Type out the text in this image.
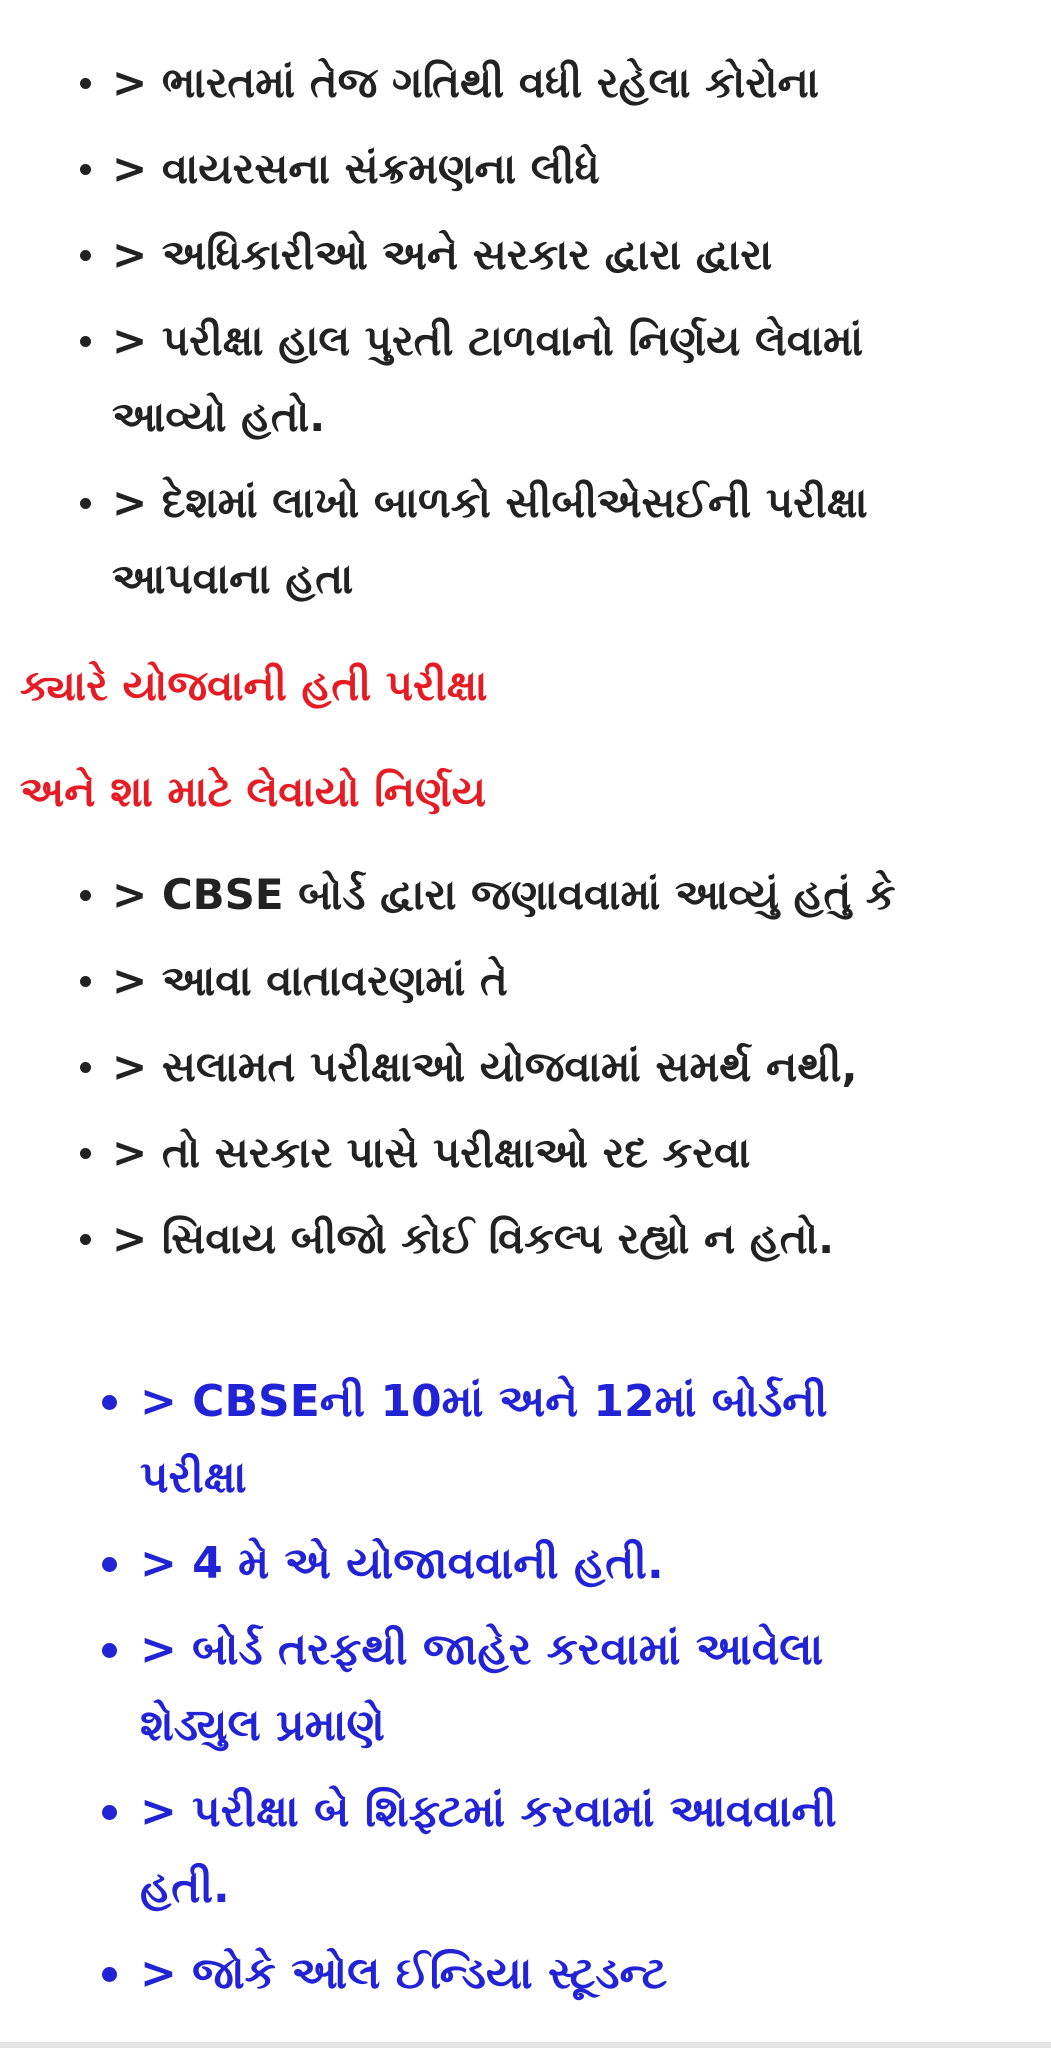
> ભારતમાં તેજ ગતિથી વધી રહેલા કોરોના
> વાયરસના સંક્રમણના લીધે
> અધિકારીઓ અને સરકાર દ્વારા દ્વારા
> પરીક્ષા હાલ પુરતી ટાળવાનો નિર્ણય લેવામાં આવ્યો હતો.
> દેશમાં લાખો બાળકો સીબીએસઈની પરીક્ષા આપવાના હતા
ક્યારે યોજવાની હતી પરીક્ષા
અને શા માટે લેવાયો નિર્ણય
> CBSE બોર્ડ દ્વારા જણાવવામાં આવ્યું હતું કે
> આવા વાતાવરણમાં તે
> સલામત પરીક્ષાઓ યોજવામાં સમર્થ નથી,
> તો સરકાર પાસે પરીક્ષાઓ રદ કરવા
> સિવાય બીજો કોઈ વિકલ્પ રહ્યો ન હતો.
> CBSEની 10માં અને 12માં બોર્ડની પરીક્ષા
> 4 મે એ યોજાવવાની હતી.
> બોર્ડ તરફથી જાહેર કરવામાં આવેલા શેડ્યુલ પ્રમાણે
> પરીક્ષા બે શિફ્ટમાં કરવામાં આવવાની હતી.
> જોકે ઓલ ઈન્ડિયા સ્ટૂડન્ટ
